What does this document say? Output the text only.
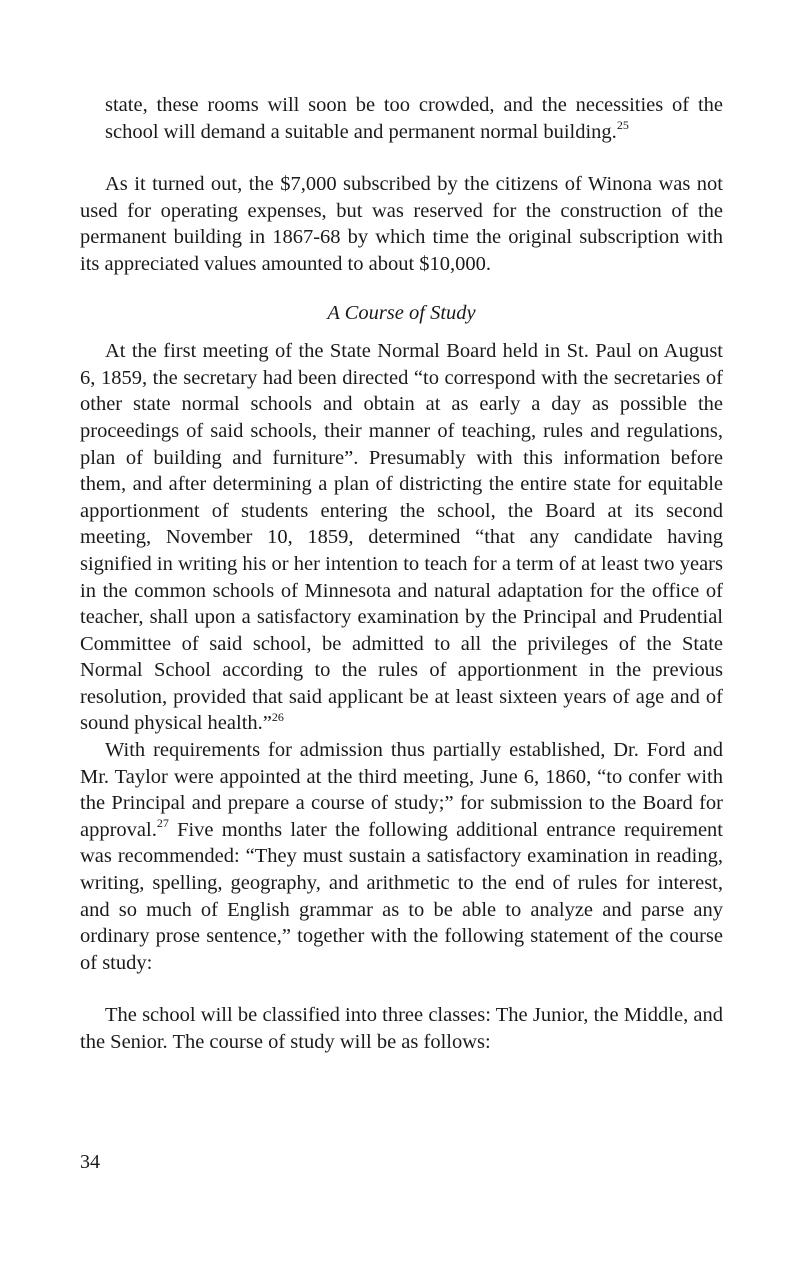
state, these rooms will soon be too crowded, and the necessities of the school will demand a suitable and permanent normal building.$^{25}$

As it turned out, the $7,000 subscribed by the citizens of Winona was not used for operating expenses, but was reserved for the construction of the permanent building in 1867-68 by which time the original subscription with its appreciated values amounted to about $10,000.

A Course of Study

At the first meeting of the State Normal Board held in St. Paul on August 6, 1859, the secretary had been directed “to correspond with the secretaries of other state normal schools and obtain at as early a day as possible the proceedings of said schools, their manner of teaching, rules and regulations, plan of building and furniture”. Presumably with this information before them, and after determining a plan of districting the entire state for equitable apportionment of students entering the school, the Board at its second meeting, November 10, 1859, determined “that any candidate having signified in writing his or her intention to teach for a term of at least two years in the common schools of Minnesota and natural adaptation for the office of teacher, shall upon a satisfactory examination by the Principal and Prudential Committee of said school, be admitted to all the privileges of the State Normal School according to the rules of apportionment in the previous resolution, provided that said applicant be at least sixteen years of age and of sound physical health.”$^{26}$

With requirements for admission thus partially established, Dr. Ford and Mr. Taylor were appointed at the third meeting, June 6, 1860, “to confer with the Principal and prepare a course of study;” for submission to the Board for approval.$^{27}$ Five months later the following additional entrance requirement was recommended: “They must sustain a satisfactory examination in reading, writing, spelling, geography, and arithmetic to the end of rules for interest, and so much of English grammar as to be able to analyze and parse any ordinary prose sentence,” together with the following statement of the course of study:

The school will be classified into three classes: The Junior, the Middle, and the Senior. The course of study will be as follows:

34
